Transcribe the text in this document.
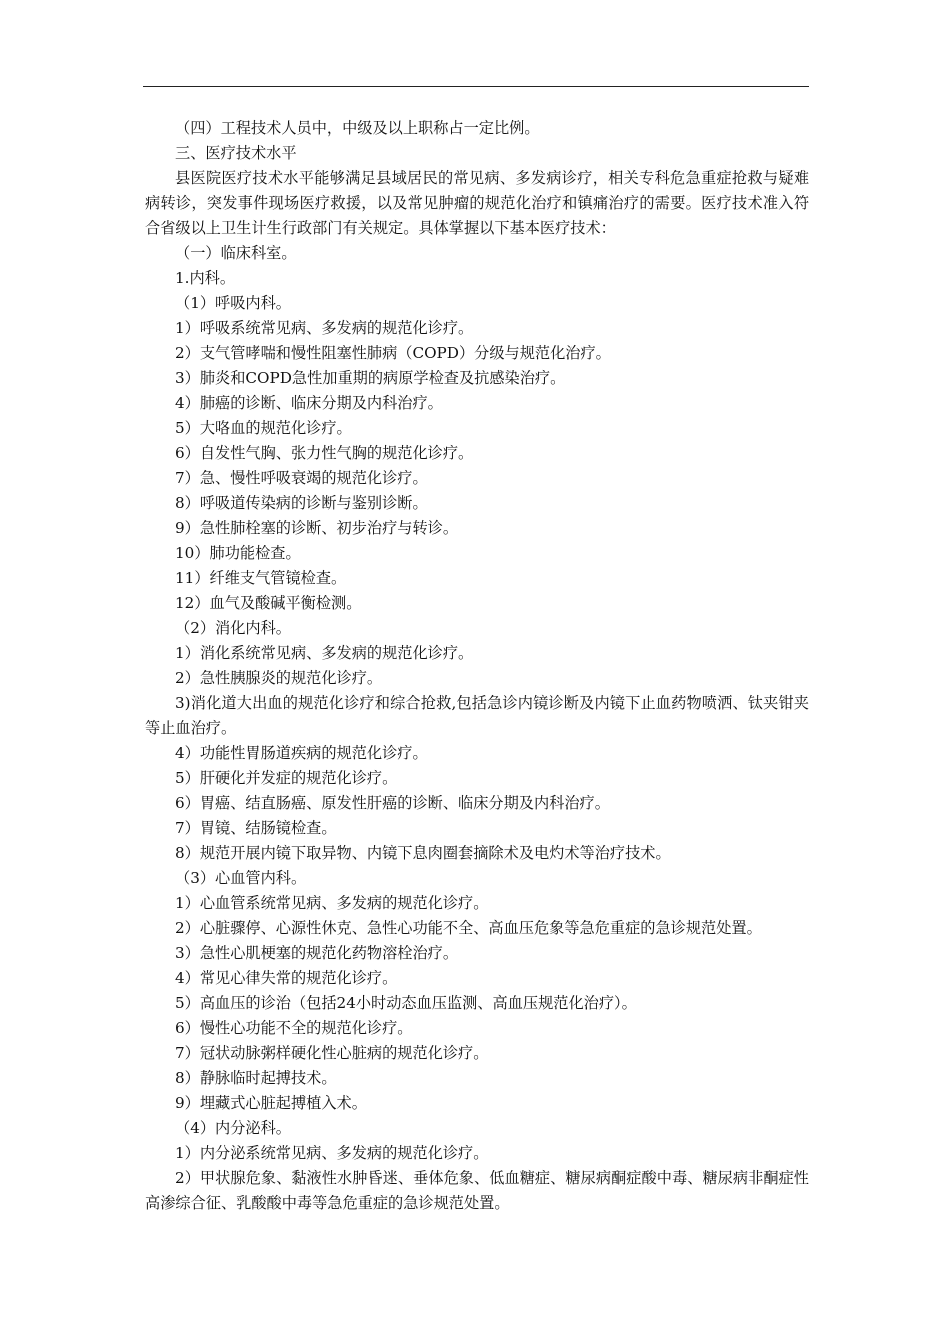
（四）工程技术人员中，中级及以上职称占一定比例。

三、医疗技术水平

县医院医疗技术水平能够满足县域居民的常见病、多发病诊疗，相关专科危急重症抢救与疑难病转诊，突发事件现场医疗救援，以及常见肿瘤的规范化治疗和镇痛治疗的需要。医疗技术准入符合省级以上卫生计生行政部门有关规定。具体掌握以下基本医疗技术：

（一）临床科室。

1.内科。

（1）呼吸内科。

1）呼吸系统常见病、多发病的规范化诊疗。

2）支气管哮喘和慢性阻塞性肺病（COPD）分级与规范化治疗。

3）肺炎和COPD急性加重期的病原学检查及抗感染治疗。

4）肺癌的诊断、临床分期及内科治疗。

5）大咯血的规范化诊疗。

6）自发性气胸、张力性气胸的规范化诊疗。

7）急、慢性呼吸衰竭的规范化诊疗。

8）呼吸道传染病的诊断与鉴别诊断。

9）急性肺栓塞的诊断、初步治疗与转诊。

10）肺功能检查。

11）纤维支气管镜检查。

12）血气及酸碱平衡检测。

（2）消化内科。

1）消化系统常见病、多发病的规范化诊疗。

2）急性胰腺炎的规范化诊疗。

3)消化道大出血的规范化诊疗和综合抢救,包括急诊内镜诊断及内镜下止血药物喷洒、钛夹钳夹等止血治疗。

4）功能性胃肠道疾病的规范化诊疗。

5）肝硬化并发症的规范化诊疗。

6）胃癌、结直肠癌、原发性肝癌的诊断、临床分期及内科治疗。

7）胃镜、结肠镜检查。

8）规范开展内镜下取异物、内镜下息肉圈套摘除术及电灼术等治疗技术。

（3）心血管内科。

1）心血管系统常见病、多发病的规范化诊疗。

2）心脏骤停、心源性休克、急性心功能不全、高血压危象等急危重症的急诊规范处置。

3）急性心肌梗塞的规范化药物溶栓治疗。

4）常见心律失常的规范化诊疗。

5）高血压的诊治（包括24小时动态血压监测、高血压规范化治疗）。

6）慢性心功能不全的规范化诊疗。

7）冠状动脉粥样硬化性心脏病的规范化诊疗。

8）静脉临时起搏技术。

9）埋藏式心脏起搏植入术。

（4）内分泌科。

1）内分泌系统常见病、多发病的规范化诊疗。

2）甲状腺危象、黏液性水肿昏迷、垂体危象、低血糖症、糖尿病酮症酸中毒、糖尿病非酮症性高渗综合征、乳酸酸中毒等急危重症的急诊规范处置。
